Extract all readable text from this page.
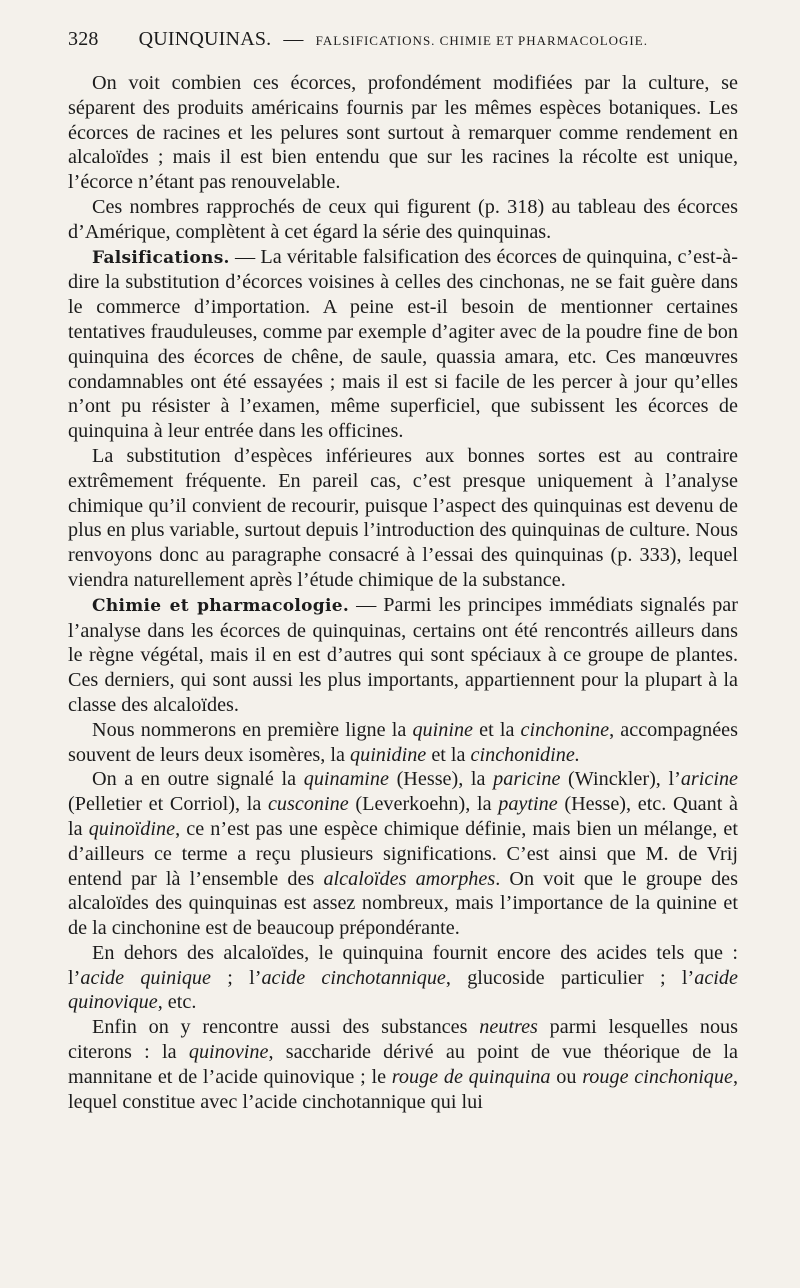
328 QUINQUINAS. — FALSIFICATIONS. CHIMIE ET PHARMACOLOGIE.

On voit combien ces écorces, profondément modifiées par la culture, se séparent des produits américains fournis par les mêmes espèces botaniques. Les écorces de racines et les pelures sont surtout à remarquer comme rendement en alcaloïdes ; mais il est bien entendu que sur les racines la récolte est unique, l’écorce n’étant pas renouvelable.

Ces nombres rapprochés de ceux qui figurent (p. 318) au tableau des écorces d’Amérique, complètent à cet égard la série des quinquinas.

Falsifications. — La véritable falsification des écorces de quinquina, c’est-à-dire la substitution d’écorces voisines à celles des cinchonas, ne se fait guère dans le commerce d’importation. A peine est-il besoin de mentionner certaines tentatives frauduleuses, comme par exemple d’agiter avec de la poudre fine de bon quinquina des écorces de chêne, de saule, quassia amara, etc. Ces manœuvres condamnables ont été essayées ; mais il est si facile de les percer à jour qu’elles n’ont pu résister à l’examen, même superficiel, que subissent les écorces de quinquina à leur entrée dans les officines.

La substitution d’espèces inférieures aux bonnes sortes est au contraire extrêmement fréquente. En pareil cas, c’est presque uniquement à l’analyse chimique qu’il convient de recourir, puisque l’aspect des quinquinas est devenu de plus en plus variable, surtout depuis l’introduction des quinquinas de culture. Nous renvoyons donc au paragraphe consacré à l’essai des quinquinas (p. 333), lequel viendra naturellement après l’étude chimique de la substance.

Chimie et pharmacologie. — Parmi les principes immédiats signalés par l’analyse dans les écorces de quinquinas, certains ont été rencontrés ailleurs dans le règne végétal, mais il en est d’autres qui sont spéciaux à ce groupe de plantes. Ces derniers, qui sont aussi les plus importants, appartiennent pour la plupart à la classe des alcaloïdes.

Nous nommerons en première ligne la quinine et la cinchonine, accompagnées souvent de leurs deux isomères, la quinidine et la cinchonidine.

On a en outre signalé la quinamine (Hesse), la paricine (Winckler), l’aricine (Pelletier et Corriol), la cusconine (Leverkoehn), la paytine (Hesse), etc. Quant à la quinoïdine, ce n’est pas une espèce chimique définie, mais bien un mélange, et d’ailleurs ce terme a reçu plusieurs significations. C’est ainsi que M. de Vrij entend par là l’ensemble des alcaloïdes amorphes. On voit que le groupe des alcaloïdes des quinquinas est assez nombreux, mais l’importance de la quinine et de la cinchonine est de beaucoup prépondérante.

En dehors des alcaloïdes, le quinquina fournit encore des acides tels que : l’acide quinique ; l’acide cinchotannique, glucoside particulier ; l’acide quinovique, etc.

Enfin on y rencontre aussi des substances neutres parmi lesquelles nous citerons : la quinovine, saccharide dérivé au point de vue théorique de la mannitane et de l’acide quinovique ; le rouge de quinquina ou rouge cinchonique, lequel constitue avec l’acide cinchotannique qui lui
